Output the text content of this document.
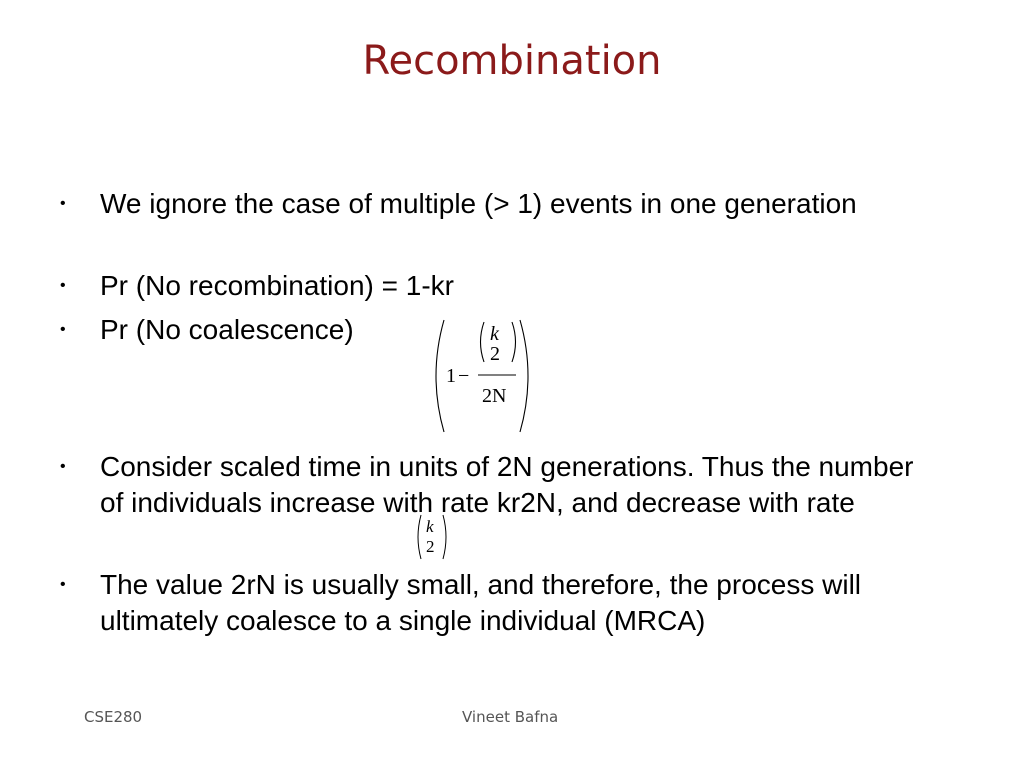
Recombination
• We ignore the case of multiple (> 1) events in one generation
• Pr (No recombination) = 1-kr
• Pr (No coalescence)
1 −
k
2
2N
• Consider scaled time in units of 2N generations. Thus the number of individuals increase with rate kr2N, and decrease with rate
k
2
• The value 2rN is usually small, and therefore, the process will ultimately coalesce to a single individual (MRCA)
CSE280	Vineet Bafna
